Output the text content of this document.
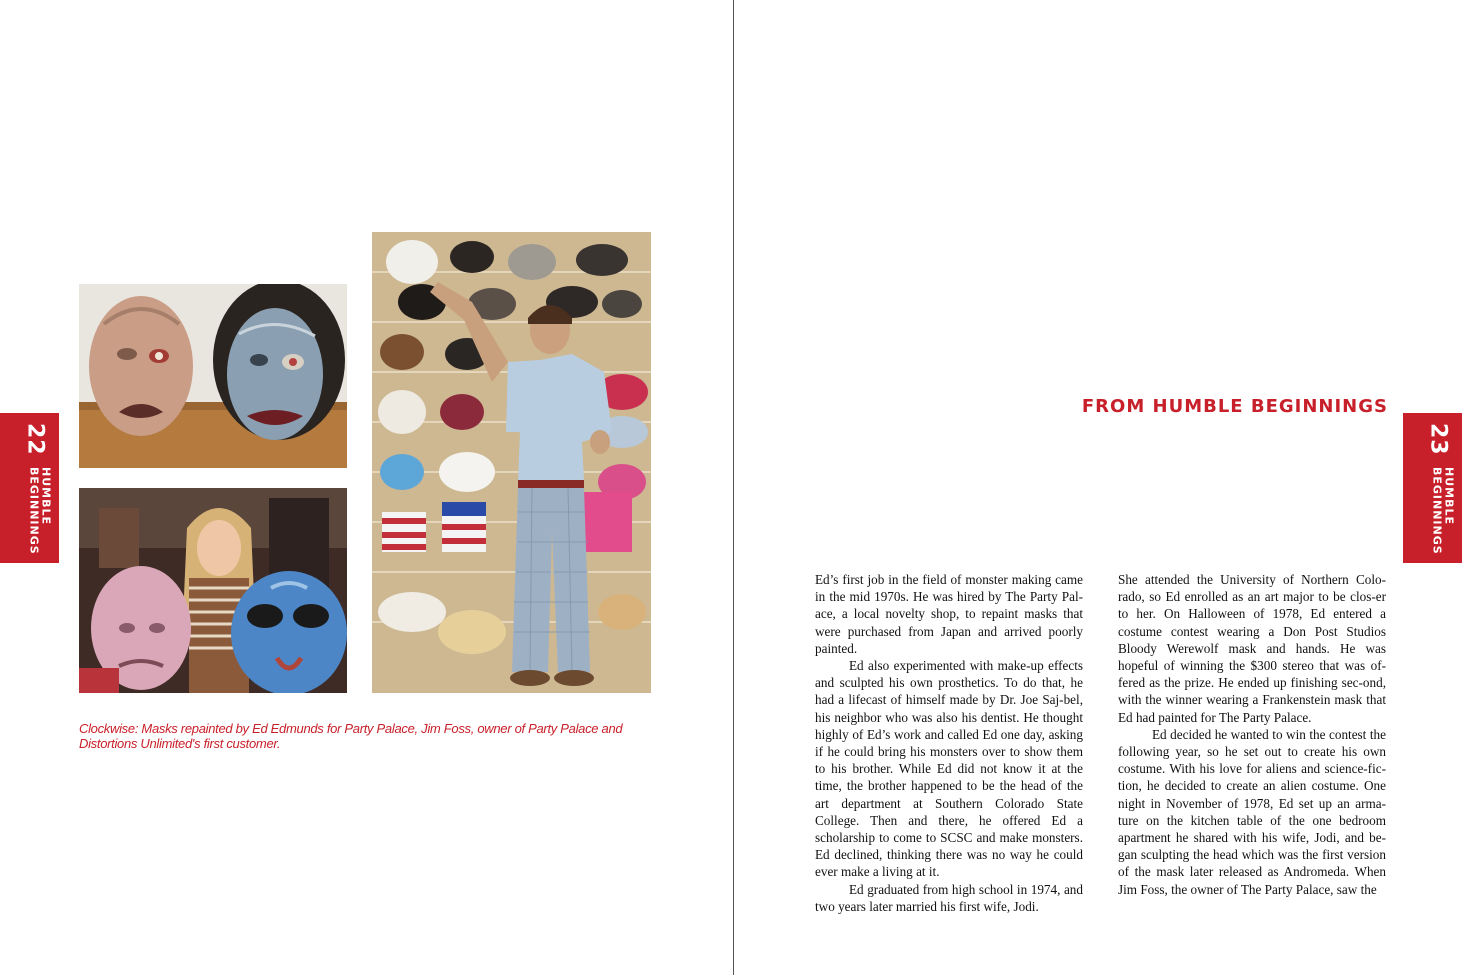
22
HUMBLE
BEGINNINGS
Clockwise: Masks repainted by Ed Edmunds for Party Palace, Jim Foss, owner of Party Palace and Distortions Unlimited's first customer.
FROM HUMBLE BEGINNINGS

Ed’s first job in the field of monster making came in the mid 1970s. He was hired by The Party Pal-ace, a local novelty shop, to repaint masks that were purchased from Japan and arrived poorly painted.

Ed also experimented with make-up effects and sculpted his own prosthetics. To do that, he had a lifecast of himself made by Dr. Joe Saj-bel, his neighbor who was also his dentist. He thought highly of Ed’s work and called Ed one day, asking if he could bring his monsters over to show them to his brother. While Ed did not know it at the time, the brother happened to be the head of the art department at Southern Colorado State College. Then and there, he offered Ed a scholarship to come to SCSC and make monsters. Ed declined, thinking there was no way he could ever make a living at it.

Ed graduated from high school in 1974, and two years later married his first wife, Jodi.

She attended the University of Northern Colo-rado, so Ed enrolled as an art major to be clos-er to her. On Halloween of 1978, Ed entered a costume contest wearing a Don Post Studios Bloody Werewolf mask and hands. He was hopeful of winning the $300 stereo that was of-fered as the prize. He ended up finishing sec-ond, with the winner wearing a Frankenstein mask that Ed had painted for The Party Palace.

Ed decided he wanted to win the contest the following year, so he set out to create his own costume. With his love for aliens and science-fic-tion, he decided to create an alien costume. One night in November of 1978, Ed set up an arma-ture on the kitchen table of the one bedroom apartment he shared with his wife, Jodi, and be-gan sculpting the head which was the first version of the mask later released as Andromeda. When Jim Foss, the owner of The Party Palace, saw the

23
HUMBLE
BEGINNINGS
